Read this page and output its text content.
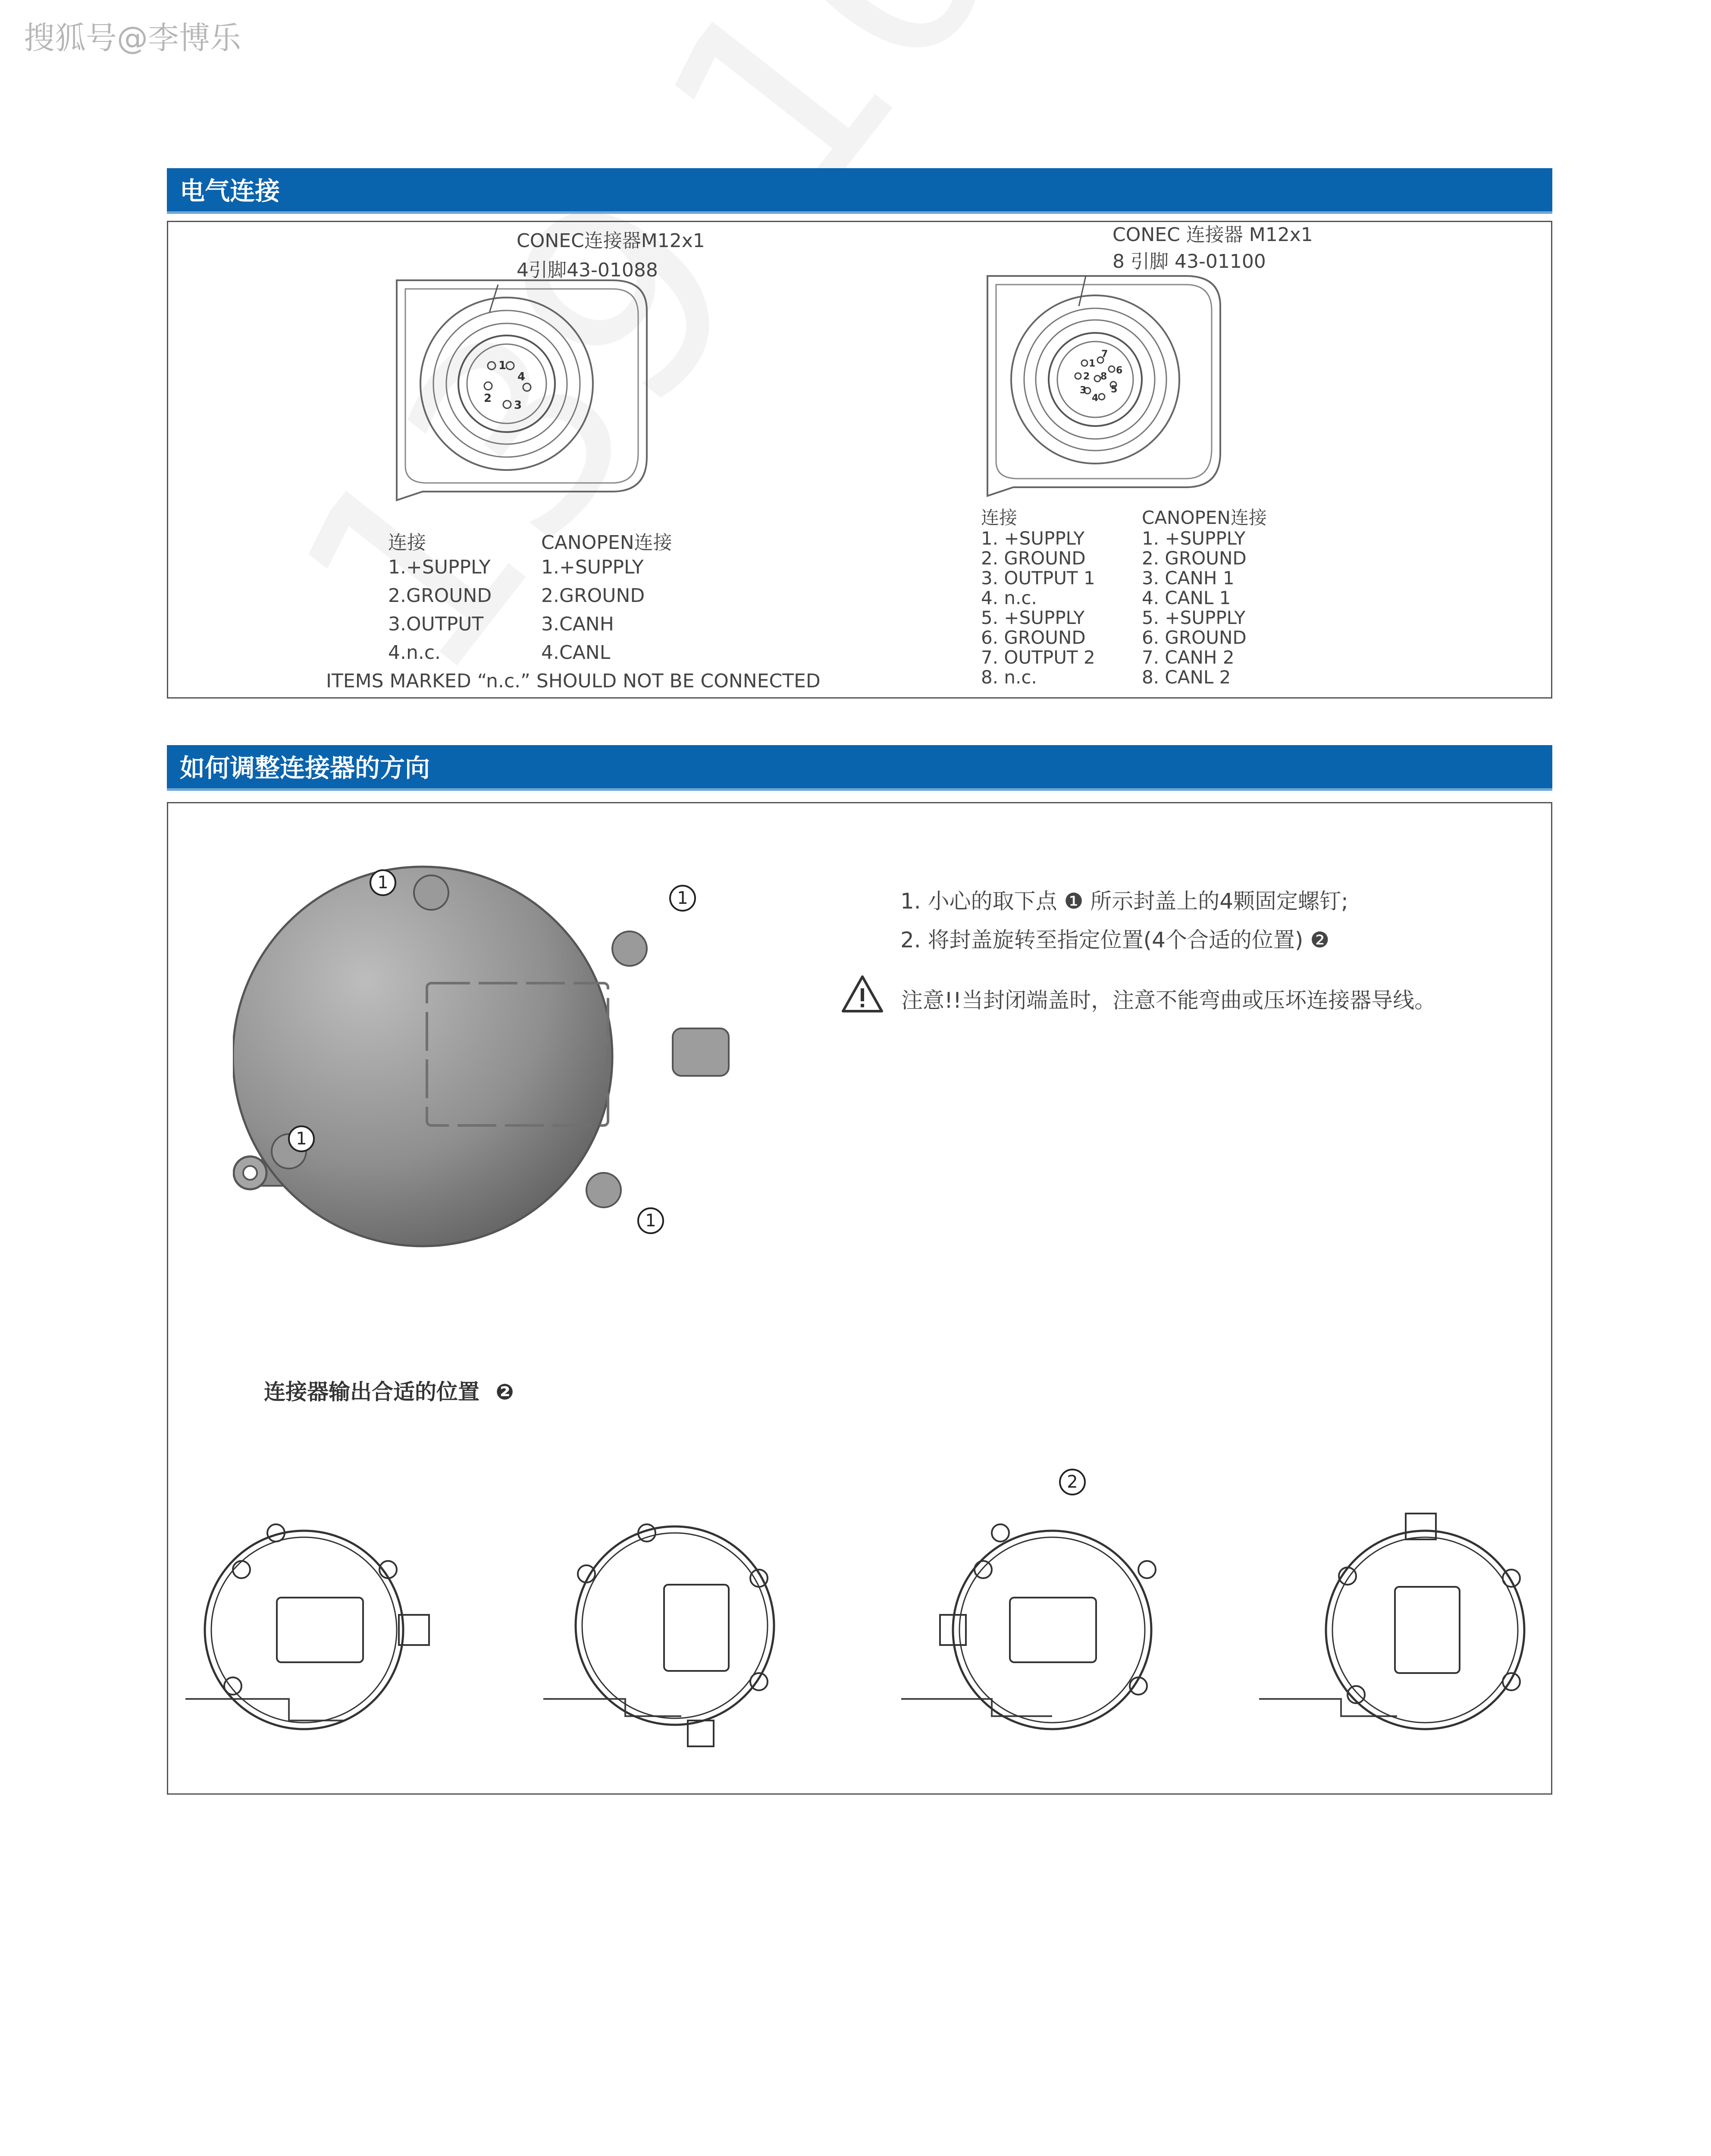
搜狐号@李博乐
电气连接
1
4
2
3
CONEC连接器M12x1
4引脚43-01088
连接	CANOPEN连接
1.+SUPPLY
2.GROUND
3.OUTPUT
4.n.c.
1.+SUPPLY
2.GROUND
3.CANH
4.CANL
ITEMS MARKED “n.c.” SHOULD NOT BE CONNECTED
1
2
3
4
5
6
7
8
CONEC 连接器 M12x1
8 引脚 43-01100
连接	CANOPEN连接
1. +SUPPLY
2. GROUND
3. OUTPUT 1
4. n.c.
5. +SUPPLY
6. GROUND
7. OUTPUT 2
8. n.c.
1. +SUPPLY
2. GROUND
3. CANH 1
4. CANL 1
5. +SUPPLY
6. GROUND
7. CANH 2
8. CANL 2
如何调整连接器的方向
1
1
1
1
1. 小心的取下点 ❶ 所示封盖上的4颗固定螺钉;
2. 将封盖旋转至指定位置(4个合适的位置) ❷
注意!!当封闭端盖时，注意不能弯曲或压坏连接器导线。
连接器输出合适的位置 ❷
2
